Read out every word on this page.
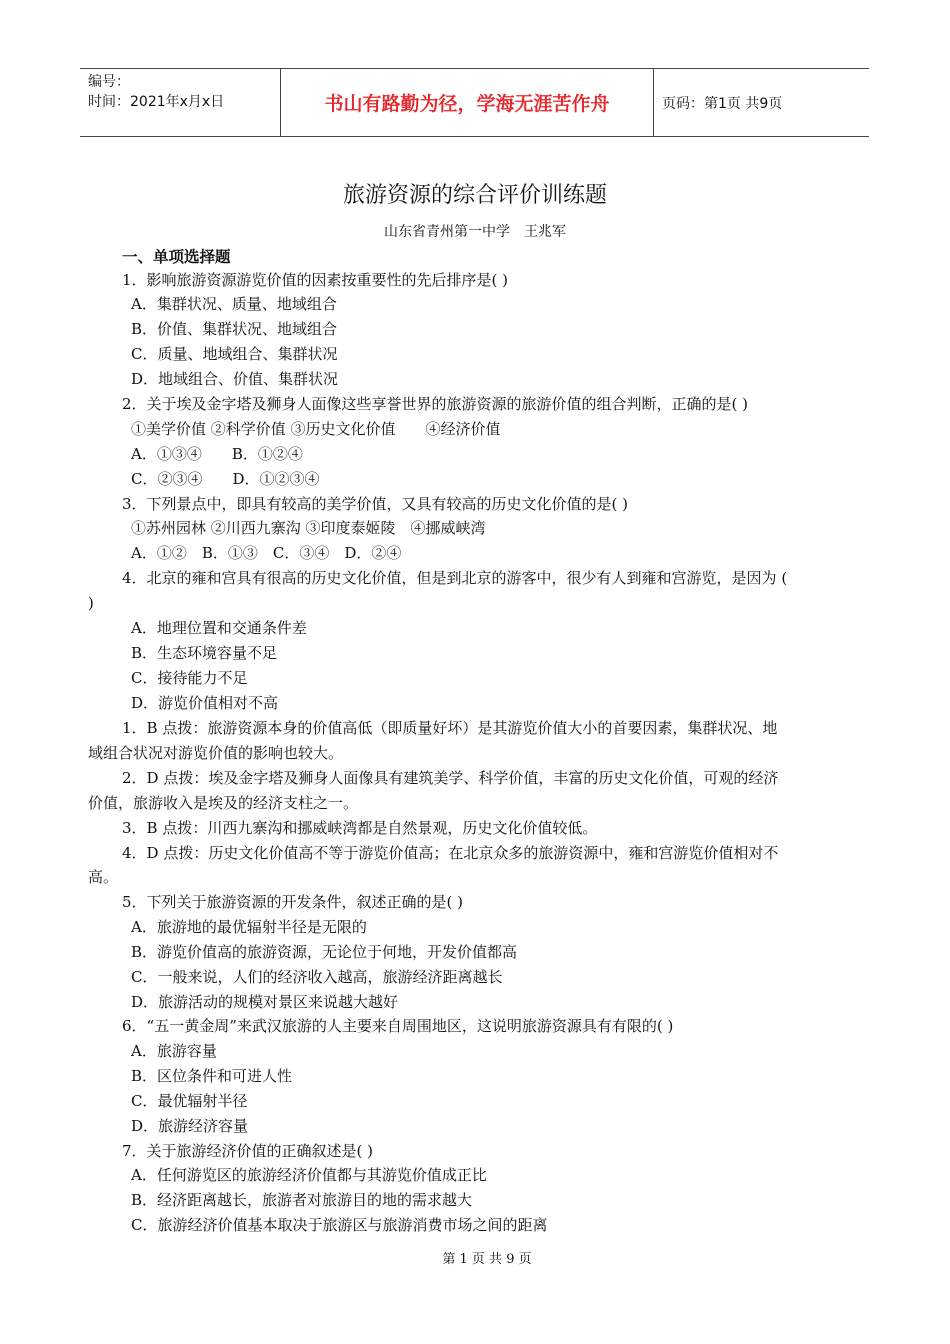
编号：
时间：2021年x月x日	书山有路勤为径，学海无涯苦作舟	页码：第1页 共9页
旅游资源的综合评价训练题
山东省青州第一中学　王兆军
一、单项选择题
1．影响旅游资源游览价值的因素按重要性的先后排序是( )
A．集群状况、质量、地域组合
B．价值、集群状况、地域组合
C．质量、地域组合、集群状况
D．地域组合、价值、集群状况
2．关于埃及金字塔及狮身人面像这些享誉世界的旅游资源的旅游价值的组合判断，正确的是( )
①美学价值 ②科学价值 ③历史文化价值　　④经济价值
A．①③④　　B．①②④
C．②③④　　D．①②③④
3．下列景点中，即具有较高的美学价值，又具有较高的历史文化价值的是( )
①苏州园林 ②川西九寨沟 ③印度泰姬陵　④挪威峡湾
A．①②　B．①③　C．③④　D．②④
4．北京的雍和宫具有很高的历史文化价值，但是到北京的游客中，很少有人到雍和宫游览，是因为 (
)
A．地理位置和交通条件差
B．生态环境容量不足
C．接待能力不足
D．游览价值相对不高
1．B 点拨：旅游资源本身的价值高低（即质量好坏）是其游览价值大小的首要因素，集群状况、地
域组合状况对游览价值的影响也较大。
2．D 点拨：埃及金字塔及狮身人面像具有建筑美学、科学价值，丰富的历史文化价值，可观的经济
价值，旅游收入是埃及的经济支柱之一。
3．B 点拨：川西九寨沟和挪威峡湾都是自然景观，历史文化价值较低。
4．D 点拨：历史文化价值高不等于游览价值高；在北京众多的旅游资源中，雍和宫游览价值相对不
高。
5．下列关于旅游资源的开发条件，叙述正确的是( )
A．旅游地的最优辐射半径是无限的
B．游览价值高的旅游资源，无论位于何地，开发价值都高
C．一般来说，人们的经济收入越高，旅游经济距离越长
D．旅游活动的规模对景区来说越大越好
6．“五一黄金周”来武汉旅游的人主要来自周围地区，这说明旅游资源具有有限的( )
A．旅游容量
B．区位条件和可进人性
C．最优辐射半径
D．旅游经济容量
7．关于旅游经济价值的正确叙述是( )
A．任何游览区的旅游经济价值都与其游览价值成正比
B．经济距离越长，旅游者对旅游目的地的需求越大
C．旅游经济价值基本取决于旅游区与旅游消费市场之间的距离
第 1 页 共 9 页
